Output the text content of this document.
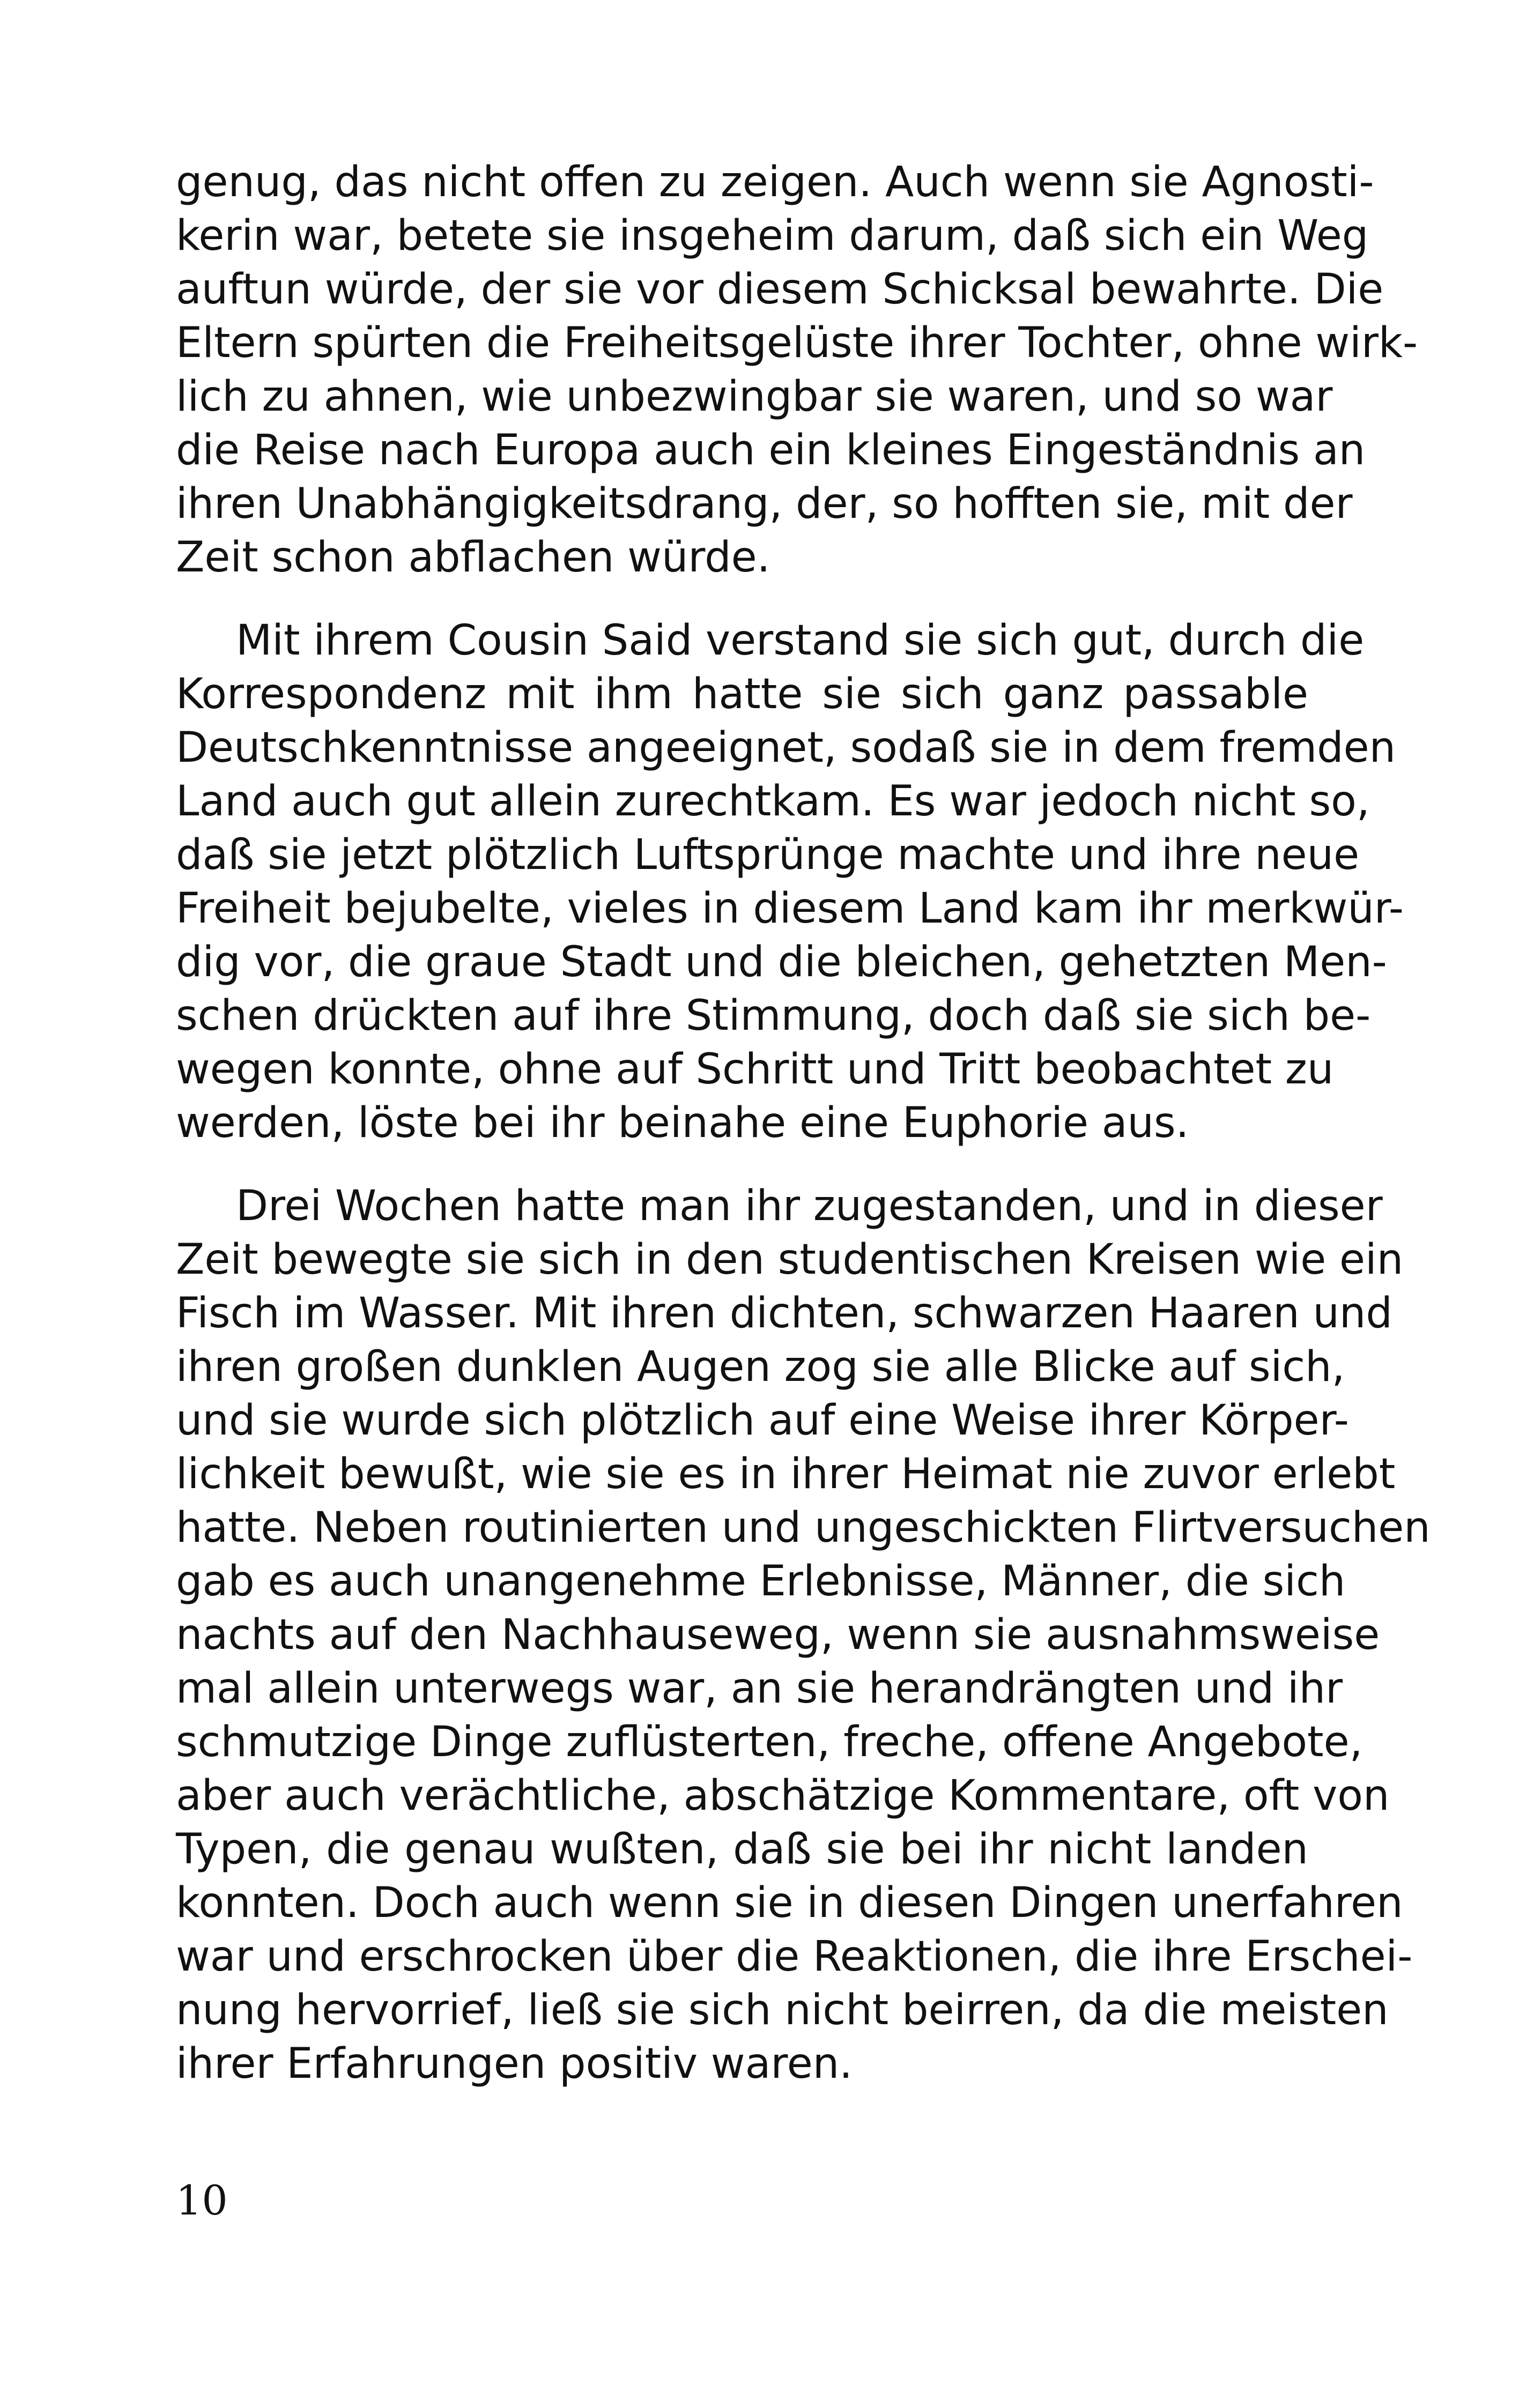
genug, das nicht offen zu zeigen. Auch wenn sie Agnosti-
kerin war, betete sie insgeheim darum, daß sich ein Weg
auftun würde, der sie vor diesem Schicksal bewahrte. Die
Eltern spürten die Freiheitsgelüste ihrer Tochter, ohne wirk-
lich zu ahnen, wie unbezwingbar sie waren, und so war
die Reise nach Europa auch ein kleines Eingeständnis an
ihren Unabhängigkeitsdrang, der, so hofften sie, mit der
Zeit schon abflachen würde.

Mit ihrem Cousin Said verstand sie sich gut, durch die
Korrespondenz mit ihm hatte sie sich ganz passable
Deutschkenntnisse angeeignet, sodaß sie in dem fremden
Land auch gut allein zurechtkam. Es war jedoch nicht so,
daß sie jetzt plötzlich Luftsprünge machte und ihre neue
Freiheit bejubelte, vieles in diesem Land kam ihr merkwür-
dig vor, die graue Stadt und die bleichen, gehetzten Men-
schen drückten auf ihre Stimmung, doch daß sie sich be-
wegen konnte, ohne auf Schritt und Tritt beobachtet zu
werden, löste bei ihr beinahe eine Euphorie aus.

Drei Wochen hatte man ihr zugestanden, und in dieser
Zeit bewegte sie sich in den studentischen Kreisen wie ein
Fisch im Wasser. Mit ihren dichten, schwarzen Haaren und
ihren großen dunklen Augen zog sie alle Blicke auf sich,
und sie wurde sich plötzlich auf eine Weise ihrer Körper-
lichkeit bewußt, wie sie es in ihrer Heimat nie zuvor erlebt
hatte. Neben routinierten und ungeschickten Flirtversuchen
gab es auch unangenehme Erlebnisse, Männer, die sich
nachts auf den Nachhauseweg, wenn sie ausnahmsweise
mal allein unterwegs war, an sie herandrängten und ihr
schmutzige Dinge zuflüsterten, freche, offene Angebote,
aber auch verächtliche, abschätzige Kommentare, oft von
Typen, die genau wußten, daß sie bei ihr nicht landen
konnten. Doch auch wenn sie in diesen Dingen unerfahren
war und erschrocken über die Reaktionen, die ihre Erschei-
nung hervorrief, ließ sie sich nicht beirren, da die meisten
ihrer Erfahrungen positiv waren.

10
